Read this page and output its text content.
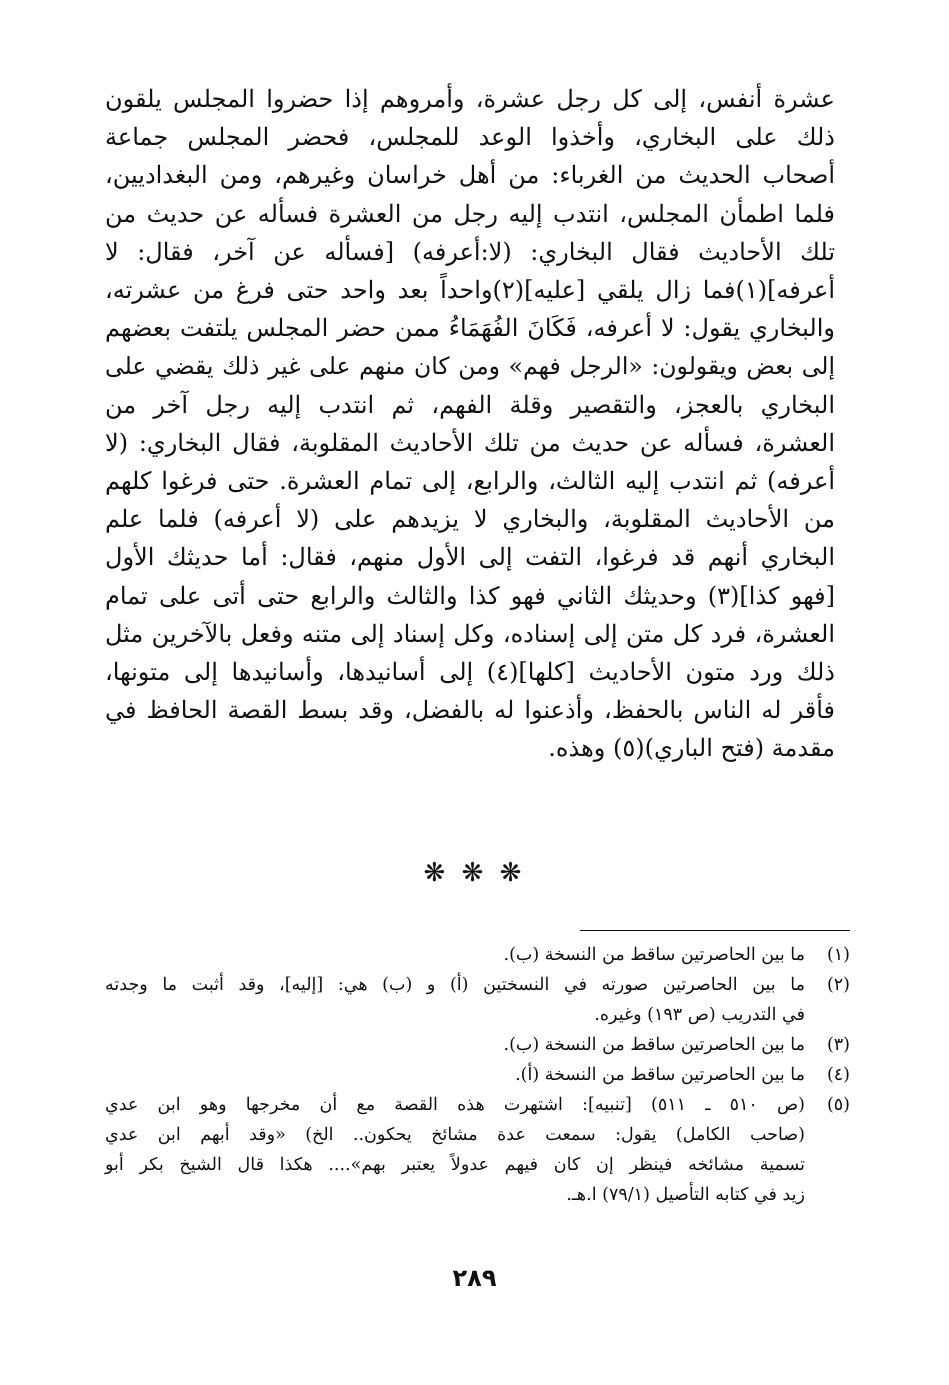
عشرة أنفس، إلى كل رجل عشرة، وأمروهم إذا حضروا المجلس يلقون
ذلك على البخاري، وأخذوا الوعد للمجلس، فحضر المجلس جماعة
أصحاب الحديث من الغرباء: من أهل خراسان وغيرهم، ومن البغداديين،
فلما اطمأن المجلس، انتدب إليه رجل من العشرة فسأله عن حديث من
تلك الأحاديث فقال البخاري: (لا:أعرفه) [فسأله عن آخر، فقال: لا
أعرفه](١)فما زال يلقي [عليه](٢)واحداً بعد واحد حتى فرغ من عشرته،
والبخاري يقول: لا أعرفه، فَكَانَ الفُهَمَاءُ ممن حضر المجلس يلتفت بعضهم
إلى بعض ويقولون: «الرجل فهم» ومن كان منهم على غير ذلك يقضي على
البخاري بالعجز، والتقصير وقلة الفهم، ثم انتدب إليه رجل آخر من
العشرة، فسأله عن حديث من تلك الأحاديث المقلوبة، فقال البخاري: (لا
أعرفه) ثم انتدب إليه الثالث، والرابع، إلى تمام العشرة. حتى فرغوا كلهم
من الأحاديث المقلوبة، والبخاري لا يزيدهم على (لا أعرفه) فلما علم
البخاري أنهم قد فرغوا، التفت إلى الأول منهم، فقال: أما حديثك الأول
[فهو كذا](٣) وحديثك الثاني فهو كذا والثالث والرابع حتى أتى على تمام
العشرة، فرد كل متن إلى إسناده، وكل إسناد إلى متنه وفعل بالآخرين مثل
ذلك ورد متون الأحاديث [كلها](٤) إلى أسانيدها، وأسانيدها إلى متونها،
فأقر له الناس بالحفظ، وأذعنوا له بالفضل، وقد بسط القصة الحافظ في
مقدمة (فتح الباري)(٥) وهذه.
❋ ❋ ❋
(١)
ما بين الحاصرتين ساقط من النسخة (ب).
(٢)
ما بين الحاصرتين صورته في النسختين (أ) و (ب) هي: [إليه]، وقد أثبت ما وجدته
في التدريب (ص ١٩٣) وغيره.
(٣)
ما بين الحاصرتين ساقط من النسخة (ب).
(٤)
ما بين الحاصرتين ساقط من النسخة (أ).
(٥)
(ص ٥١٠ ـ ٥١١) [تنبيه]: اشتهرت هذه القصة مع أن مخرجها وهو ابن عدي
(صاحب الكامل) يقول: سمعت عدة مشائخ يحكون.. الخ) «وقد أبهم ابن عدي
تسمية مشائخه فينظر إن كان فيهم عدولاً يعتبر بهم».... هكذا قال الشيخ بكر أبو
زيد في كتابه التأصيل (٧٩/١) ا.هـ.
٢٨٩
